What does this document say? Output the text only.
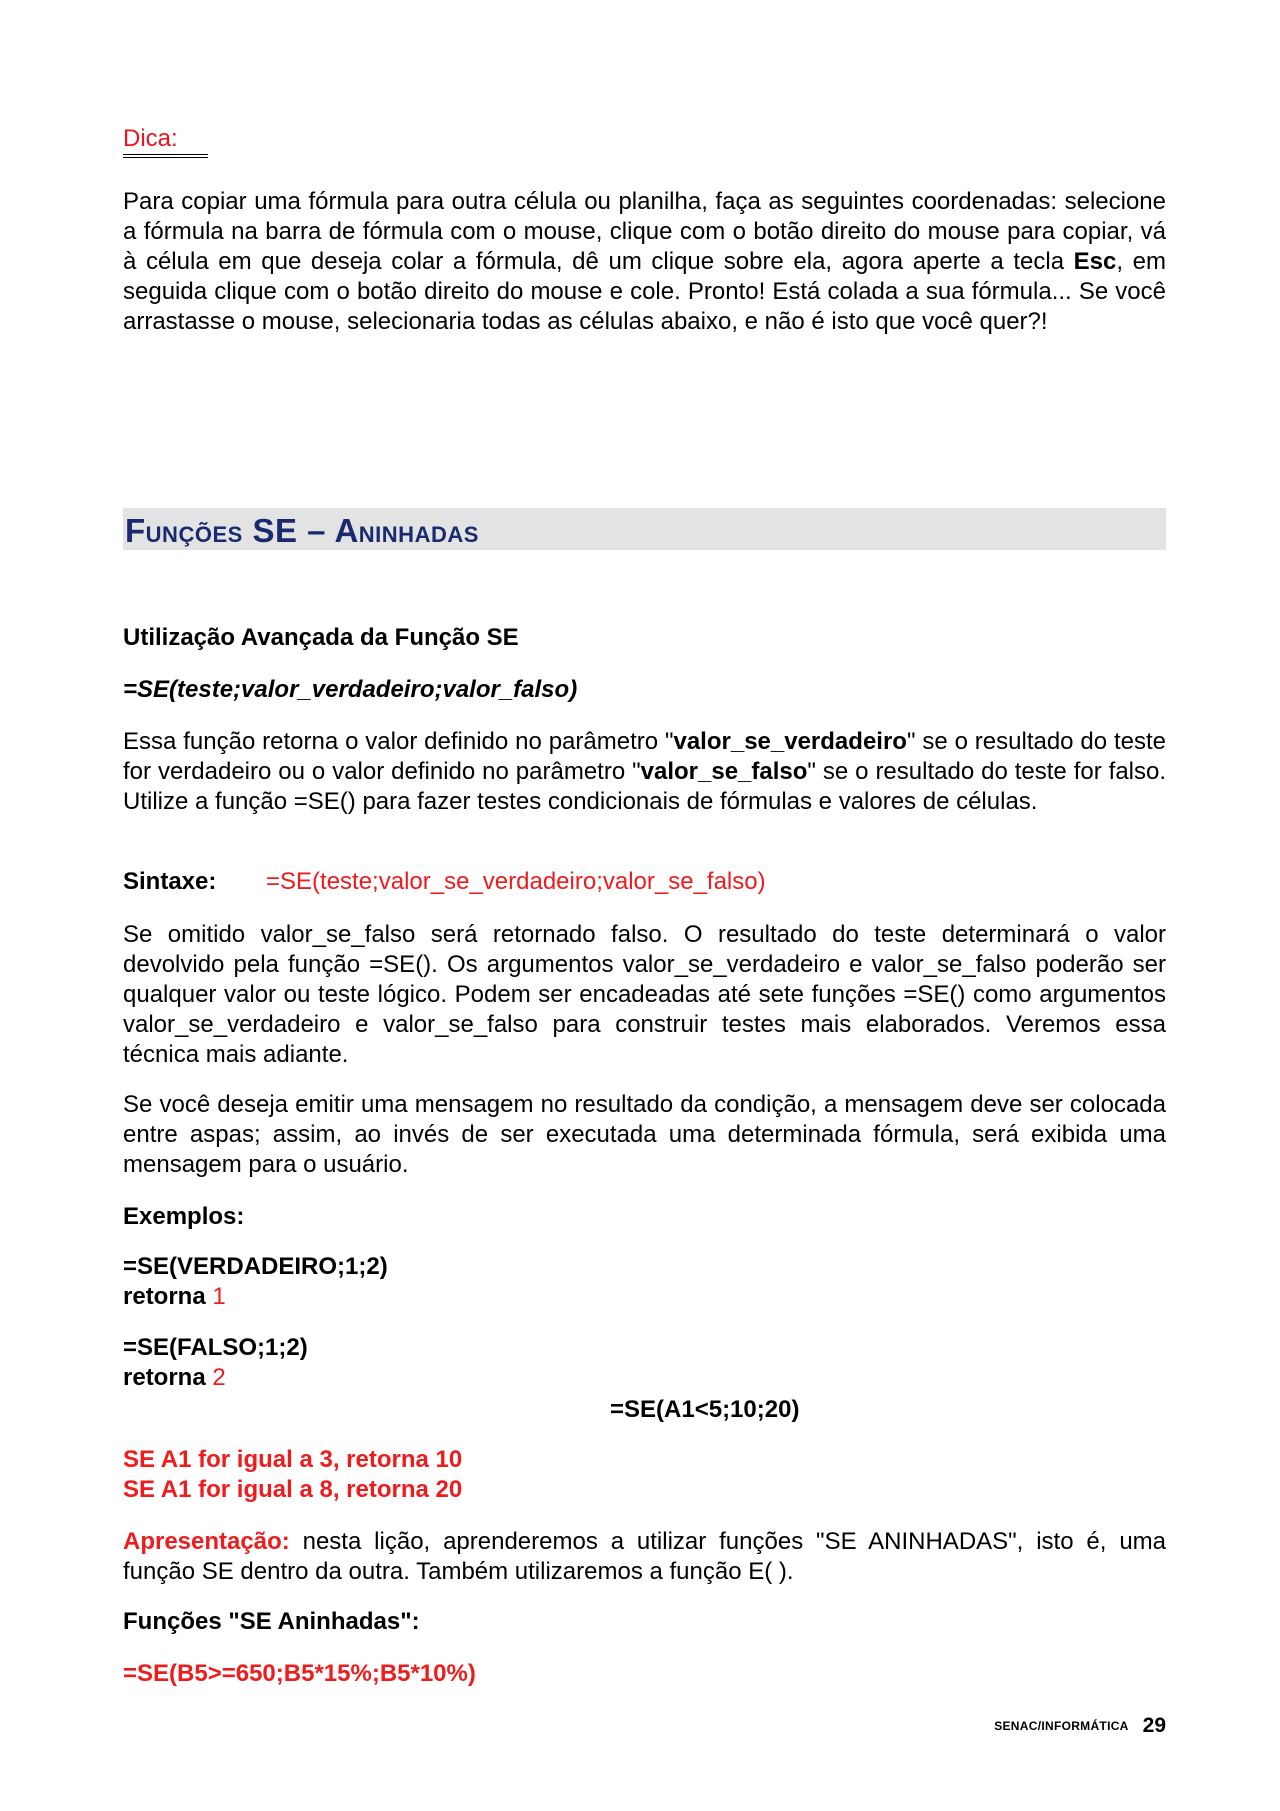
Dica:

Para copiar uma fórmula para outra célula ou planilha, faça as seguintes coordenadas: selecione a fórmula na barra de fórmula com o mouse, clique com o botão direito do mouse para copiar, vá à célula em que deseja colar a fórmula, dê um clique sobre ela, agora aperte a tecla Esc, em seguida clique com o botão direito do mouse e cole. Pronto! Está colada a sua fórmula... Se você arrastasse o mouse, selecionaria todas as células abaixo, e não é isto que você quer?!

FUNÇÕES SE – ANINHADAS
Utilização Avançada da Função SE
=SE(teste;valor_verdadeiro;valor_falso)

Essa função retorna o valor definido no parâmetro "valor_se_verdadeiro" se o resultado do teste for verdadeiro ou o valor definido no parâmetro "valor_se_falso" se o resultado do teste for falso. Utilize a função =SE() para fazer testes condicionais de fórmulas e valores de células.

Sintaxe: =SE(teste;valor_se_verdadeiro;valor_se_falso)

Se omitido valor_se_falso será retornado falso. O resultado do teste determinará o valor devolvido pela função =SE(). Os argumentos valor_se_verdadeiro e valor_se_falso poderão ser qualquer valor ou teste lógico. Podem ser encadeadas até sete funções =SE() como argumentos valor_se_verdadeiro e valor_se_falso para construir testes mais elaborados. Veremos essa técnica mais adiante.

Se você deseja emitir uma mensagem no resultado da condição, a mensagem deve ser colocada entre aspas; assim, ao invés de ser executada uma determinada fórmula, será exibida uma mensagem para o usuário.

Exemplos:
=SE(VERDADEIRO;1;2)
retorna 1
=SE(FALSO;1;2)
retorna 2
=SE(A1<5;10;20)
SE A1 for igual a 3, retorna 10
SE A1 for igual a 8, retorna 20

Apresentação: nesta lição, aprenderemos a utilizar funções "SE ANINHADAS", isto é, uma função SE dentro da outra. Também utilizaremos a função E( ).

Funções "SE Aninhadas":
=SE(B5>=650;B5*15%;B5*10%)
SENAC/INFORMÁTICA 29
